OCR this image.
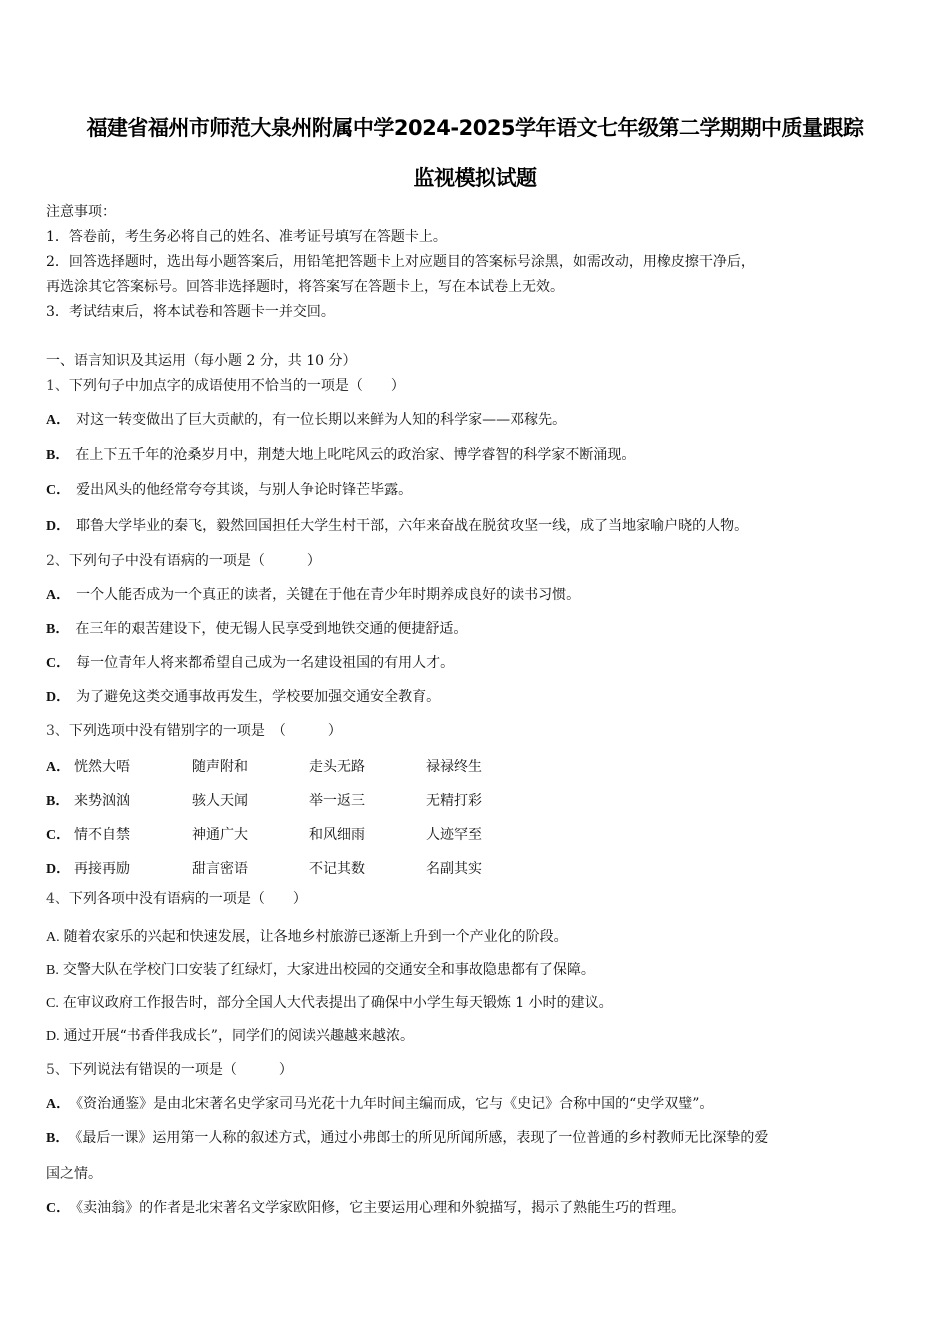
福建省福州市师范大泉州附属中学2024-2025学年语文七年级第二学期期中质量跟踪
监视模拟试题
注意事项：
1．答卷前，考生务必将自己的姓名、准考证号填写在答题卡上。
2．回答选择题时，选出每小题答案后，用铅笔把答题卡上对应题目的答案标号涂黑，如需改动，用橡皮擦干净后，
再选涂其它答案标号。回答非选择题时，将答案写在答题卡上，写在本试卷上无效。
3．考试结束后，将本试卷和答题卡一并交回。
一、语言知识及其运用（每小题 2 分，共 10 分）
1、下列句子中加点字的成语使用不恰当的一项是（　　）
A． 对这一转变做出了巨大贡献的，有一位长期以来鲜为人知的科学家——邓稼先。
B． 在上下五千年的沧桑岁月中，荆楚大地上叱咤风云的政治家、博学睿智的科学家不断涌现。
C． 爱出风头的他经常夸夸其谈，与别人争论时锋芒毕露。
D． 耶鲁大学毕业的秦飞，毅然回国担任大学生村干部，六年来奋战在脱贫攻坚一线，成了当地家喻户晓的人物。
2、下列句子中没有语病的一项是（　　　）
A． 一个人能否成为一个真正的读者，关键在于他在青少年时期养成良好的读书习惯。
B． 在三年的艰苦建设下，使无锡人民享受到地铁交通的便捷舒适。
C． 每一位青年人将来都希望自己成为一名建设祖国的有用人才。
D． 为了避免这类交通事故再发生，学校要加强交通安全教育。
3、下列选项中没有错别字的一项是　（　　　）
A． 恍然大唔	随声附和	走头无路	禄禄终生
B． 来势汹汹	骇人天闻	举一返三	无精打彩
C． 情不自禁	神通广大	和风细雨	人迹罕至
D． 再接再励	甜言密语	不记其数	名副其实
4、下列各项中没有语病的一项是（　　）
A. 随着农家乐的兴起和快速发展，让各地乡村旅游已逐渐上升到一个产业化的阶段。
B. 交警大队在学校门口安装了红绿灯，大家进出校园的交通安全和事故隐患都有了保障。
C. 在审议政府工作报告时，部分全国人大代表提出了确保中小学生每天锻炼 1 小时的建议。
D. 通过开展“书香伴我成长”，同学们的阅读兴趣越来越浓。
5、下列说法有错误的一项是（　　　）
A． 《资治通鉴》是由北宋著名史学家司马光花十九年时间主编而成，它与《史记》合称中国的“史学双璧”。
B． 《最后一课》运用第一人称的叙述方式，通过小弗郎士的所见所闻所感，表现了一位普通的乡村教师无比深挚的爱
国之情。
C． 《卖油翁》的作者是北宋著名文学家欧阳修，它主要运用心理和外貌描写，揭示了熟能生巧的哲理。
